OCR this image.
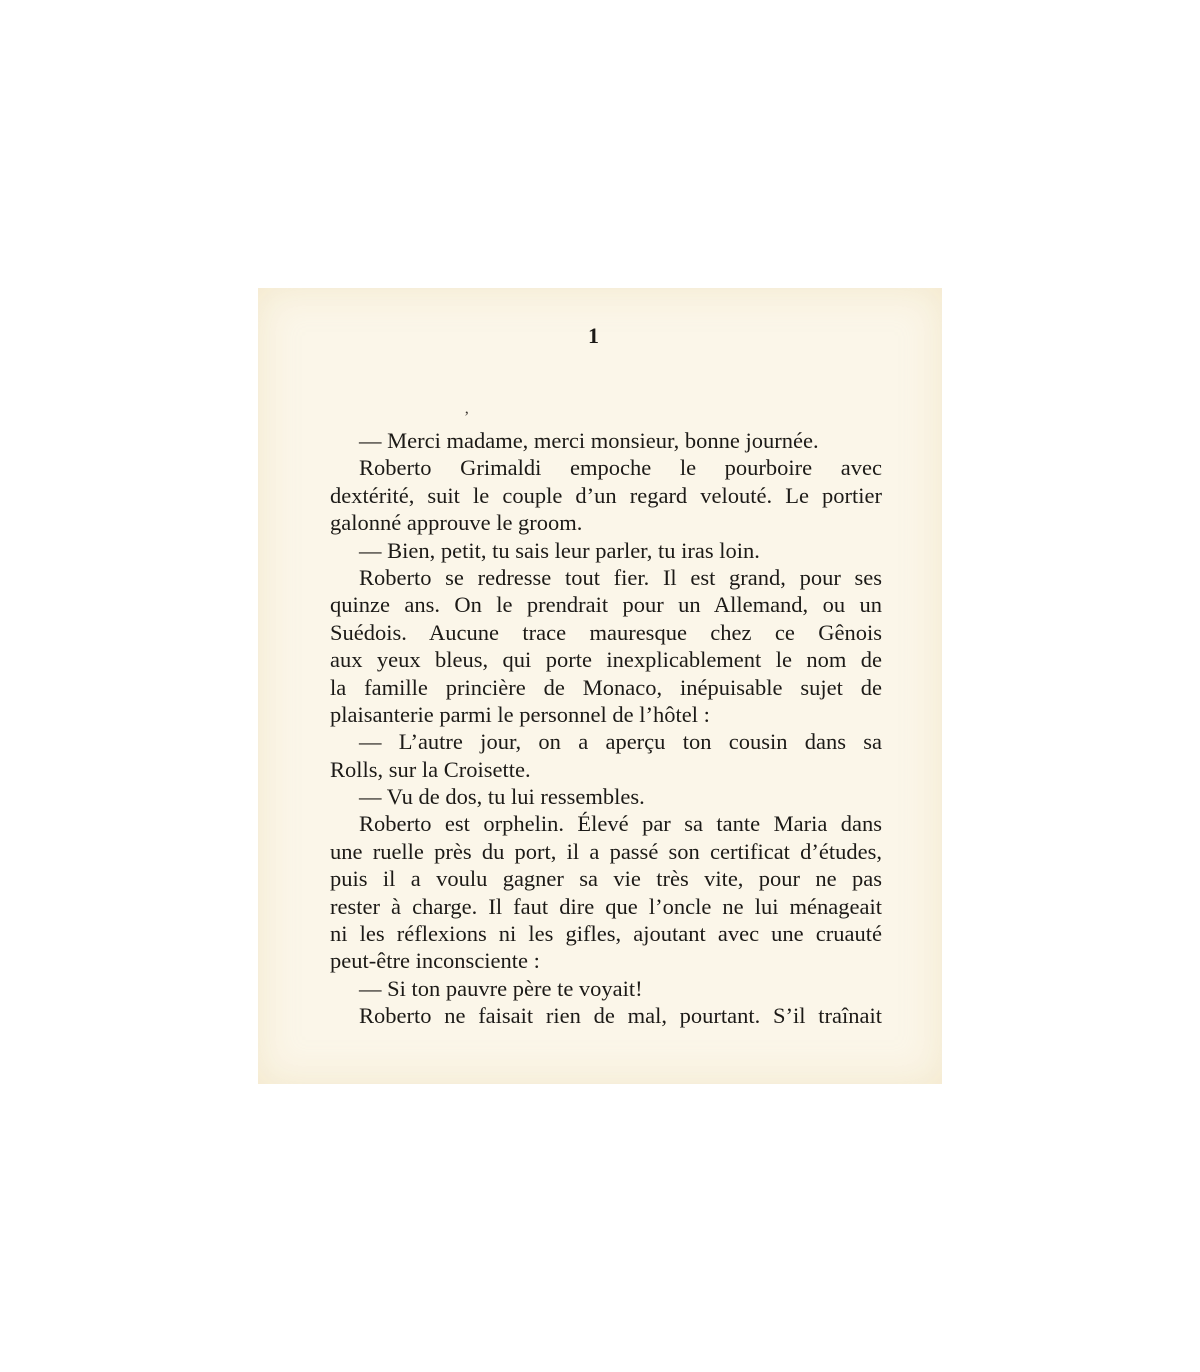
1
ʼ
— Merci madame, merci monsieur, bonne journée.
Roberto Grimaldi empoche le pourboire avec
dextérité, suit le couple d’un regard velouté. Le portier
galonné approuve le groom.
— Bien, petit, tu sais leur parler, tu iras loin.
Roberto se redresse tout fier. Il est grand, pour ses
quinze ans. On le prendrait pour un Allemand, ou un
Suédois. Aucune trace mauresque chez ce Gênois
aux yeux bleus, qui porte inexplicablement le nom de
la famille princière de Monaco, inépuisable sujet de
plaisanterie parmi le personnel de l’hôtel :
— L’autre jour, on a aperçu ton cousin dans sa
Rolls, sur la Croisette.
— Vu de dos, tu lui ressembles.
Roberto est orphelin. Élevé par sa tante Maria dans
une ruelle près du port, il a passé son certificat d’études,
puis il a voulu gagner sa vie très vite, pour ne pas
rester à charge. Il faut dire que l’oncle ne lui ménageait
ni les réflexions ni les gifles, ajoutant avec une cruauté
peut-être inconsciente :
— Si ton pauvre père te voyait!
Roberto ne faisait rien de mal, pourtant. S’il traînait
